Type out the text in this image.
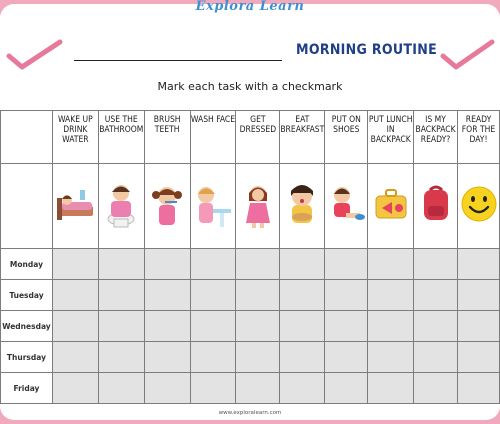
Explora Learn
MORNING ROUTINE
Mark each task with a checkmark
	WAKE UP DRINK WATER	USE THE BATHROOM	BRUSH TEETH	WASH FACE	GET DRESSED	EAT BREAKFAST	PUT ON SHOES	PUT LUNCH IN BACKPACK	IS MY BACKPACK READY?	READY FOR THE DAY!

Monday										
Tuesday										
Wednesday										
Thursday										
Friday										
www.exploralearn.com
